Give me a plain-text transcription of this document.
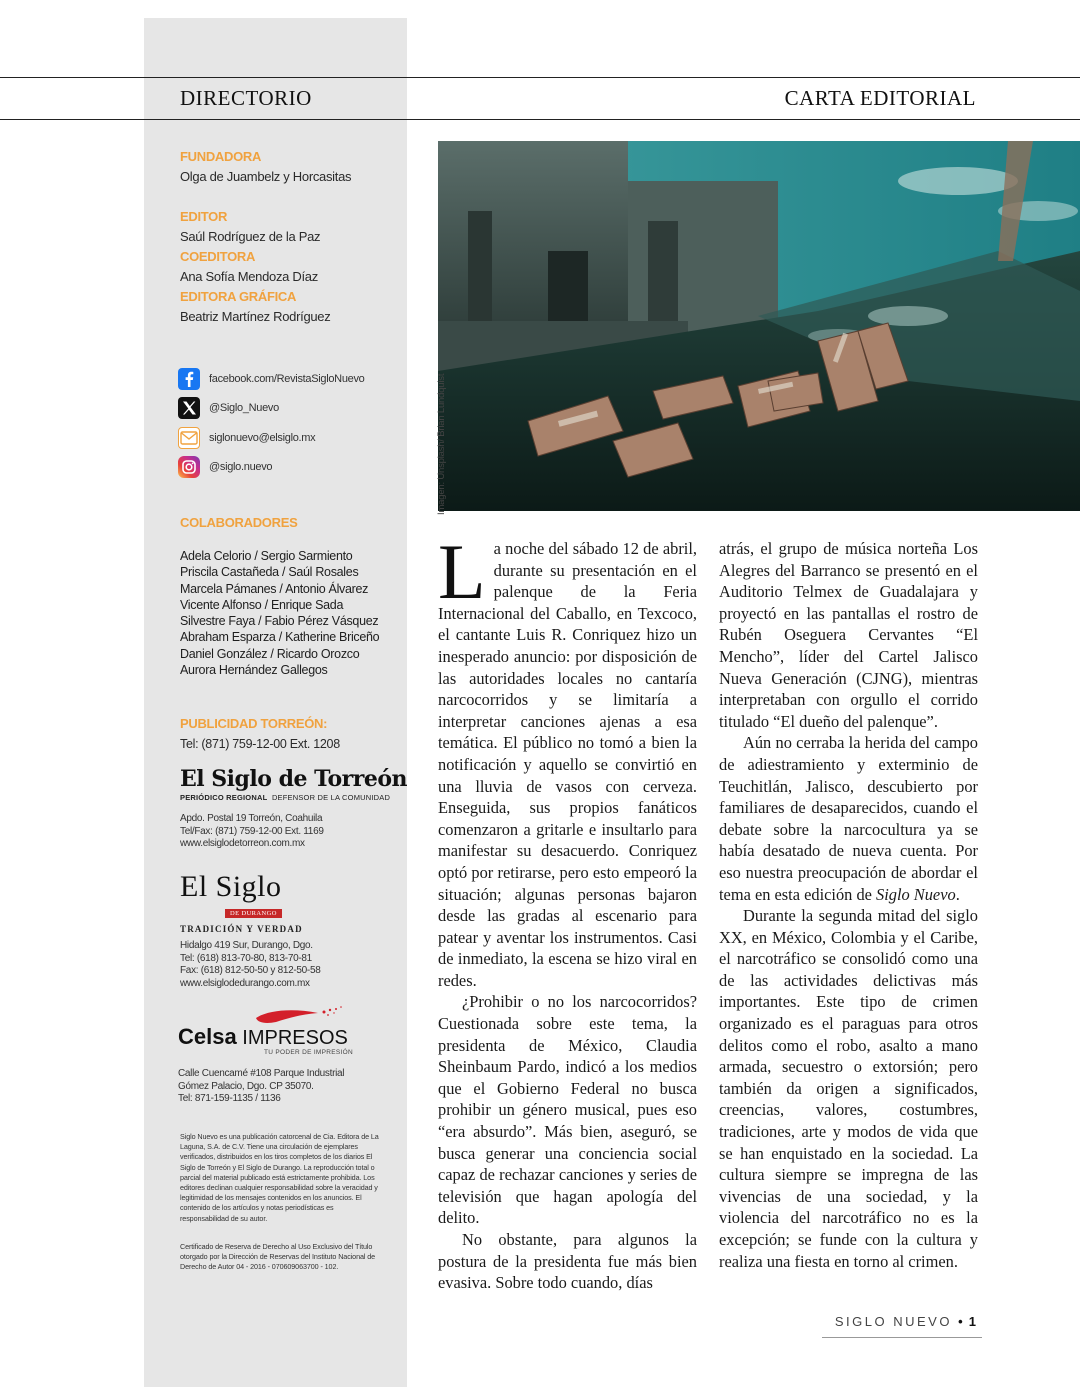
DIRECTORIO	CARTA EDITORIAL
FUNDADORA
Olga de Juambelz y Horcasitas
EDITOR
Saúl Rodríguez de la Paz
COEDITORA
Ana Sofía Mendoza Díaz
EDITORA GRÁFICA
Beatriz Martínez Rodríguez
facebook.com/RevistaSigloNuevo
@Siglo_Nuevo
siglonuevo@elsiglo.mx
@siglo.nuevo
COLABORADORES
Adela Celorio / Sergio Sarmiento
Priscila Castañeda / Saúl Rosales
Marcela Pámanes / Antonio Álvarez
Vicente Alfonso / Enrique Sada
Silvestre Faya / Fabio Pérez Vásquez
Abraham Esparza / Katherine Briceño
Daniel González / Ricardo Orozco
Aurora Hernández Gallegos
PUBLICIDAD TORREÓN:
Tel: (871) 759-12-00 Ext. 1208
El Siglo de Torreón
PERIÓDICO REGIONAL DEFENSOR DE LA COMUNIDAD
Apdo. Postal 19 Torreón, Coahuila
Tel/Fax: (871) 759-12-00 Ext. 1169
www.elsiglodetorreon.com.mx
El Siglo
DE DURANGO
TRADICIÓN Y VERDAD
Hidalgo 419 Sur, Durango, Dgo.
Tel: (618) 813-70-80, 813-70-81
Fax: (618) 812-50-50 y 812-50-58
www.elsiglodedurango.com.mx
Celsa IMPRESOS
TU PODER DE IMPRESIÓN
Calle Cuencamé #108 Parque Industrial
Gómez Palacio, Dgo. CP 35070.
Tel: 871-159-1135 / 1136
Siglo Nuevo es una publicación catorcenal de Cia. Editora de La Laguna, S.A. de C.V. Tiene una circulación de ejemplares verificados, distribuidos en los tiros completos de los diarios El Siglo de Torreón y El Siglo de Durango. La reproducción total o parcial del material publicado está estrictamente prohibida. Los editores declinan cualquier responsabilidad sobre la veracidad y legitimidad de los mensajes contenidos en los anuncios. El contenido de los artículos y notas periodísticas es responsabilidad de su autor.
Certificado de Reserva de Derecho al Uso Exclusivo del Título otorgado por la Dirección de Reservas del Instituto Nacional de Derecho de Autor 04 - 2016 - 070609063700 - 102.
Imagen: Unsplash/ Brian Lundquist

La noche del sábado 12 de abril, durante su presentación en el palenque de la Feria Internacional del Caballo, en Texcoco, el cantante Luis R. Conriquez hizo un inesperado anuncio: por disposición de las autoridades locales no cantaría narcocorridos y se limitaría a interpretar canciones ajenas a esa temática. El público no tomó a bien la notificación y aquello se convirtió en una lluvia de vasos con cerveza. Enseguida, sus propios fanáticos comenzaron a gritarle e insultarlo para manifestar su desacuerdo. Conriquez optó por retirarse, pero esto empeoró la situación; algunas personas bajaron desde las gradas al escenario para patear y aventar los instrumentos. Casi de inmediato, la escena se hizo viral en redes.

¿Prohibir o no los narcocorridos? Cuestionada sobre este tema, la presidenta de México, Claudia Sheinbaum Pardo, indicó a los medios que el Gobierno Federal no busca prohibir un género musical, pues eso “era absurdo”. Más bien, aseguró, se busca generar una conciencia social capaz de rechazar canciones y series de televisión que hagan apología del delito.

No obstante, para algunos la postura de la presidenta fue más bien evasiva. Sobre todo cuando, días

atrás, el grupo de música norteña Los Alegres del Barranco se presentó en el Auditorio Telmex de Guadalajara y proyectó en las pantallas el rostro de Rubén Oseguera Cervantes “El Mencho”, líder del Cartel Jalisco Nueva Generación (CJNG), mientras interpretaban con orgullo el corrido titulado “El dueño del palenque”.

Aún no cerraba la herida del campo de adiestramiento y exterminio de Teuchitlán, Jalisco, descubierto por familiares de desaparecidos, cuando el debate sobre la narcocultura ya se había desatado de nueva cuenta. Por eso nuestra preocupación de abordar el tema en esta edición de Siglo Nuevo.

Durante la segunda mitad del siglo XX, en México, Colombia y el Caribe, el narcotráfico se consolidó como una de las actividades delictivas más importantes. Este tipo de crimen organizado es el paraguas para otros delitos como el robo, asalto a mano armada, secuestro o extorsión; pero también da origen a significados, creencias, valores, costumbres, tradiciones, arte y modos de vida que se han enquistado en la sociedad. La cultura siempre se impregna de las vivencias de una sociedad, y la violencia del narcotráfico no es la excepción; se funde con la cultura y realiza una fiesta en torno al crimen.

SIGLO NUEVO • 1
